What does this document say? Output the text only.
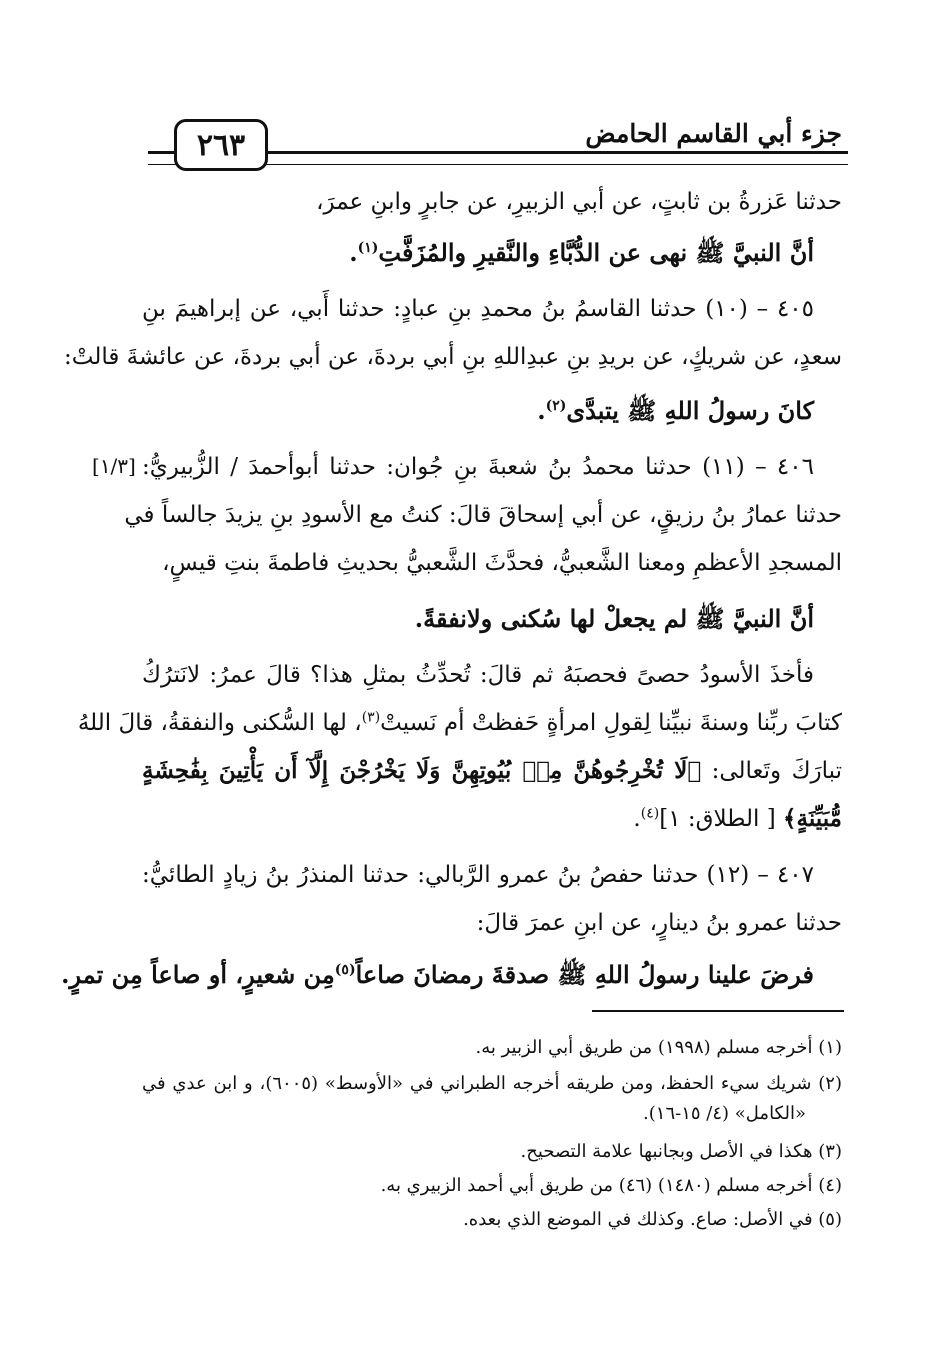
جزء أبي القاسم الحامض
٢٦٣
حدثنا عَزرةُ بن ثابتٍ، عن أبي الزبيرِ، عن جابرٍ وابنِ عمرَ،
أنَّ النبيَّ ﷺ نهى عن الدُّبَّاءِ والنَّقيرِ والمُزَفَّتِ$^{(١)}$.
٤٠٥ – (١٠) حدثنا القاسمُ بنُ محمدِ بنِ عبادٍ: حدثنا أَبي، عن إبراهيمَ بنِ
سعدٍ، عن شريكٍ، عن بريدِ بنِ عبدِاللهِ بنِ أبي بردةَ، عن أبي بردةَ، عن عائشةَ قالتْ:
كانَ رسولُ اللهِ ﷺ يتبدَّى$^{(٢)}$.
[١/٣] ٤٠٦ – (١١) حدثنا محمدُ بنُ شعبةَ بنِ جُوان: حدثنا أبوأحمدَ / الزُّبيريُّ:
حدثنا عمارُ بنُ رزيقٍ، عن أبي إسحاقَ قالَ: كنتُ مع الأسودِ بنِ يزيدَ جالساً في
المسجدِ الأعظمِ ومعنا الشَّعبيُّ، فحدَّثَ الشَّعبيُّ بحديثِ فاطمةَ بنتِ قيسٍ،
أنَّ النبيَّ ﷺ لم يجعلْ لها سُكنى ولانفقةً.
فأخذَ الأسودُ حصىً فحصبَهُ ثم قالَ: تُحدِّثُ بمثلِ هذا؟ قالَ عمرُ: لانَترُكُ
كتابَ ربِّنا وسنةَ نبيِّنا لِقولِ امرأةٍ حَفظتْ أم نَسيتْ$^{(٣)}$، لها السُّكنى والنفقةُ، قالَ اللهُ
تبارَكَ وتَعالى: ﴿لَا تُخْرِجُوهُنَّ مِنۢ بُيُوتِهِنَّ وَلَا يَخْرُجْنَ إِلَّآ أَن يَأْتِينَ بِفَٰحِشَةٍ
مُّبَيِّنَةٍ﴾ [ الطلاق: ١]$^{(٤)}$.
٤٠٧ – (١٢) حدثنا حفصُ بنُ عمرو الرَّبالي: حدثنا المنذرُ بنُ زيادٍ الطائيُّ:
حدثنا عمرو بنُ دينارٍ، عن ابنِ عمرَ قالَ:
فرضَ علينا رسولُ اللهِ ﷺ صدقةَ رمضانَ صاعاً$^{(٥)}$مِن شعيرٍ، أو صاعاً مِن تمرٍ.
(١) أخرجه مسلم (١٩٩٨) من طريق أبي الزبير به.
(٢) شريك سيء الحفظ، ومن طريقه أخرجه الطبراني في «الأوسط» (٦٠٠٥)، و ابن عدي في
«الكامل» (٤/ ١٥-١٦).
(٣) هكذا في الأصل وبجانبها علامة التصحيح.
(٤) أخرجه مسلم (١٤٨٠) (٤٦) من طريق أبي أحمد الزبيري به.
(٥) في الأصل: صاع. وكذلك في الموضع الذي بعده.
